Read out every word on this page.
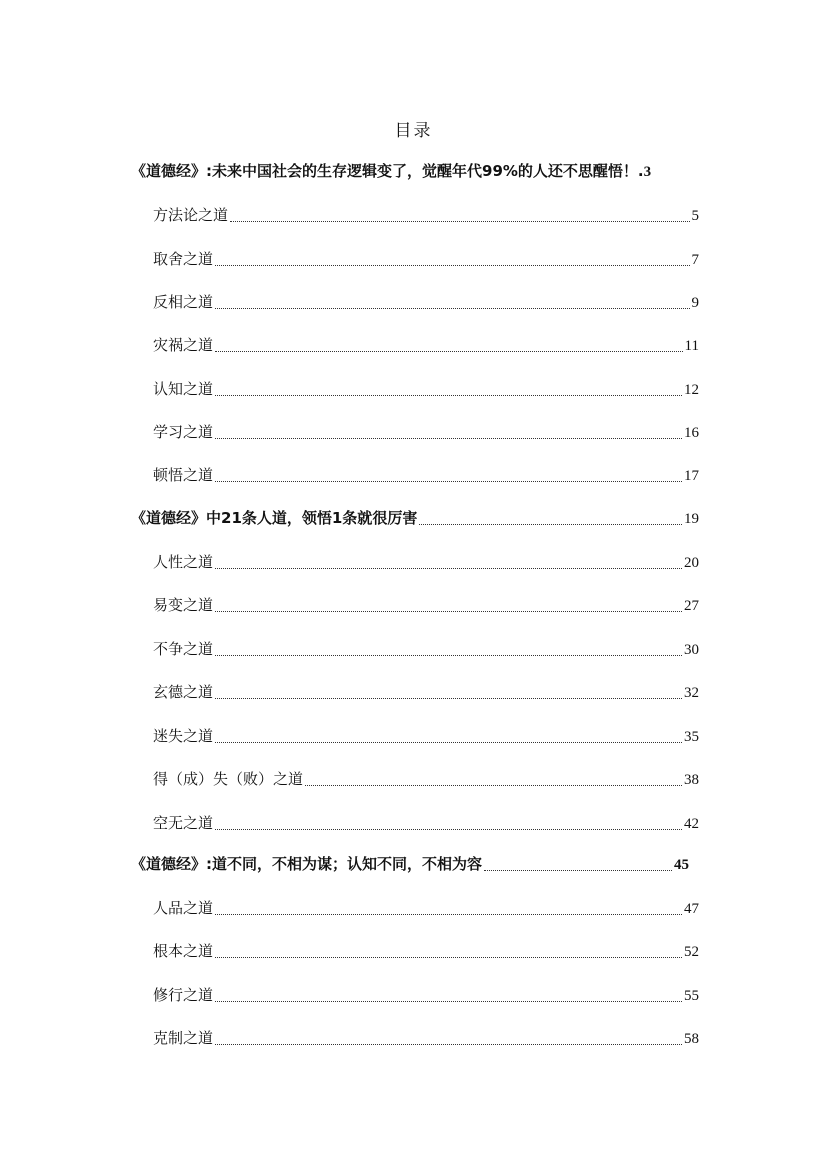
目录
《道德经》:未来中国社会的生存逻辑变了，觉醒年代99%的人还不思醒悟！. 3
方法论之道	5
取舍之道	7
反相之道	9
灾祸之道	11
认知之道	12
学习之道	16
顿悟之道	17
《道德经》中21条人道，领悟1条就很厉害	19
人性之道	20
易变之道	27
不争之道	30
玄德之道	32
迷失之道	35
得（成）失（败）之道	38
空无之道	42
《道德经》:道不同，不相为谋；认知不同，不相为容	45
人品之道	47
根本之道	52
修行之道	55
克制之道	58
